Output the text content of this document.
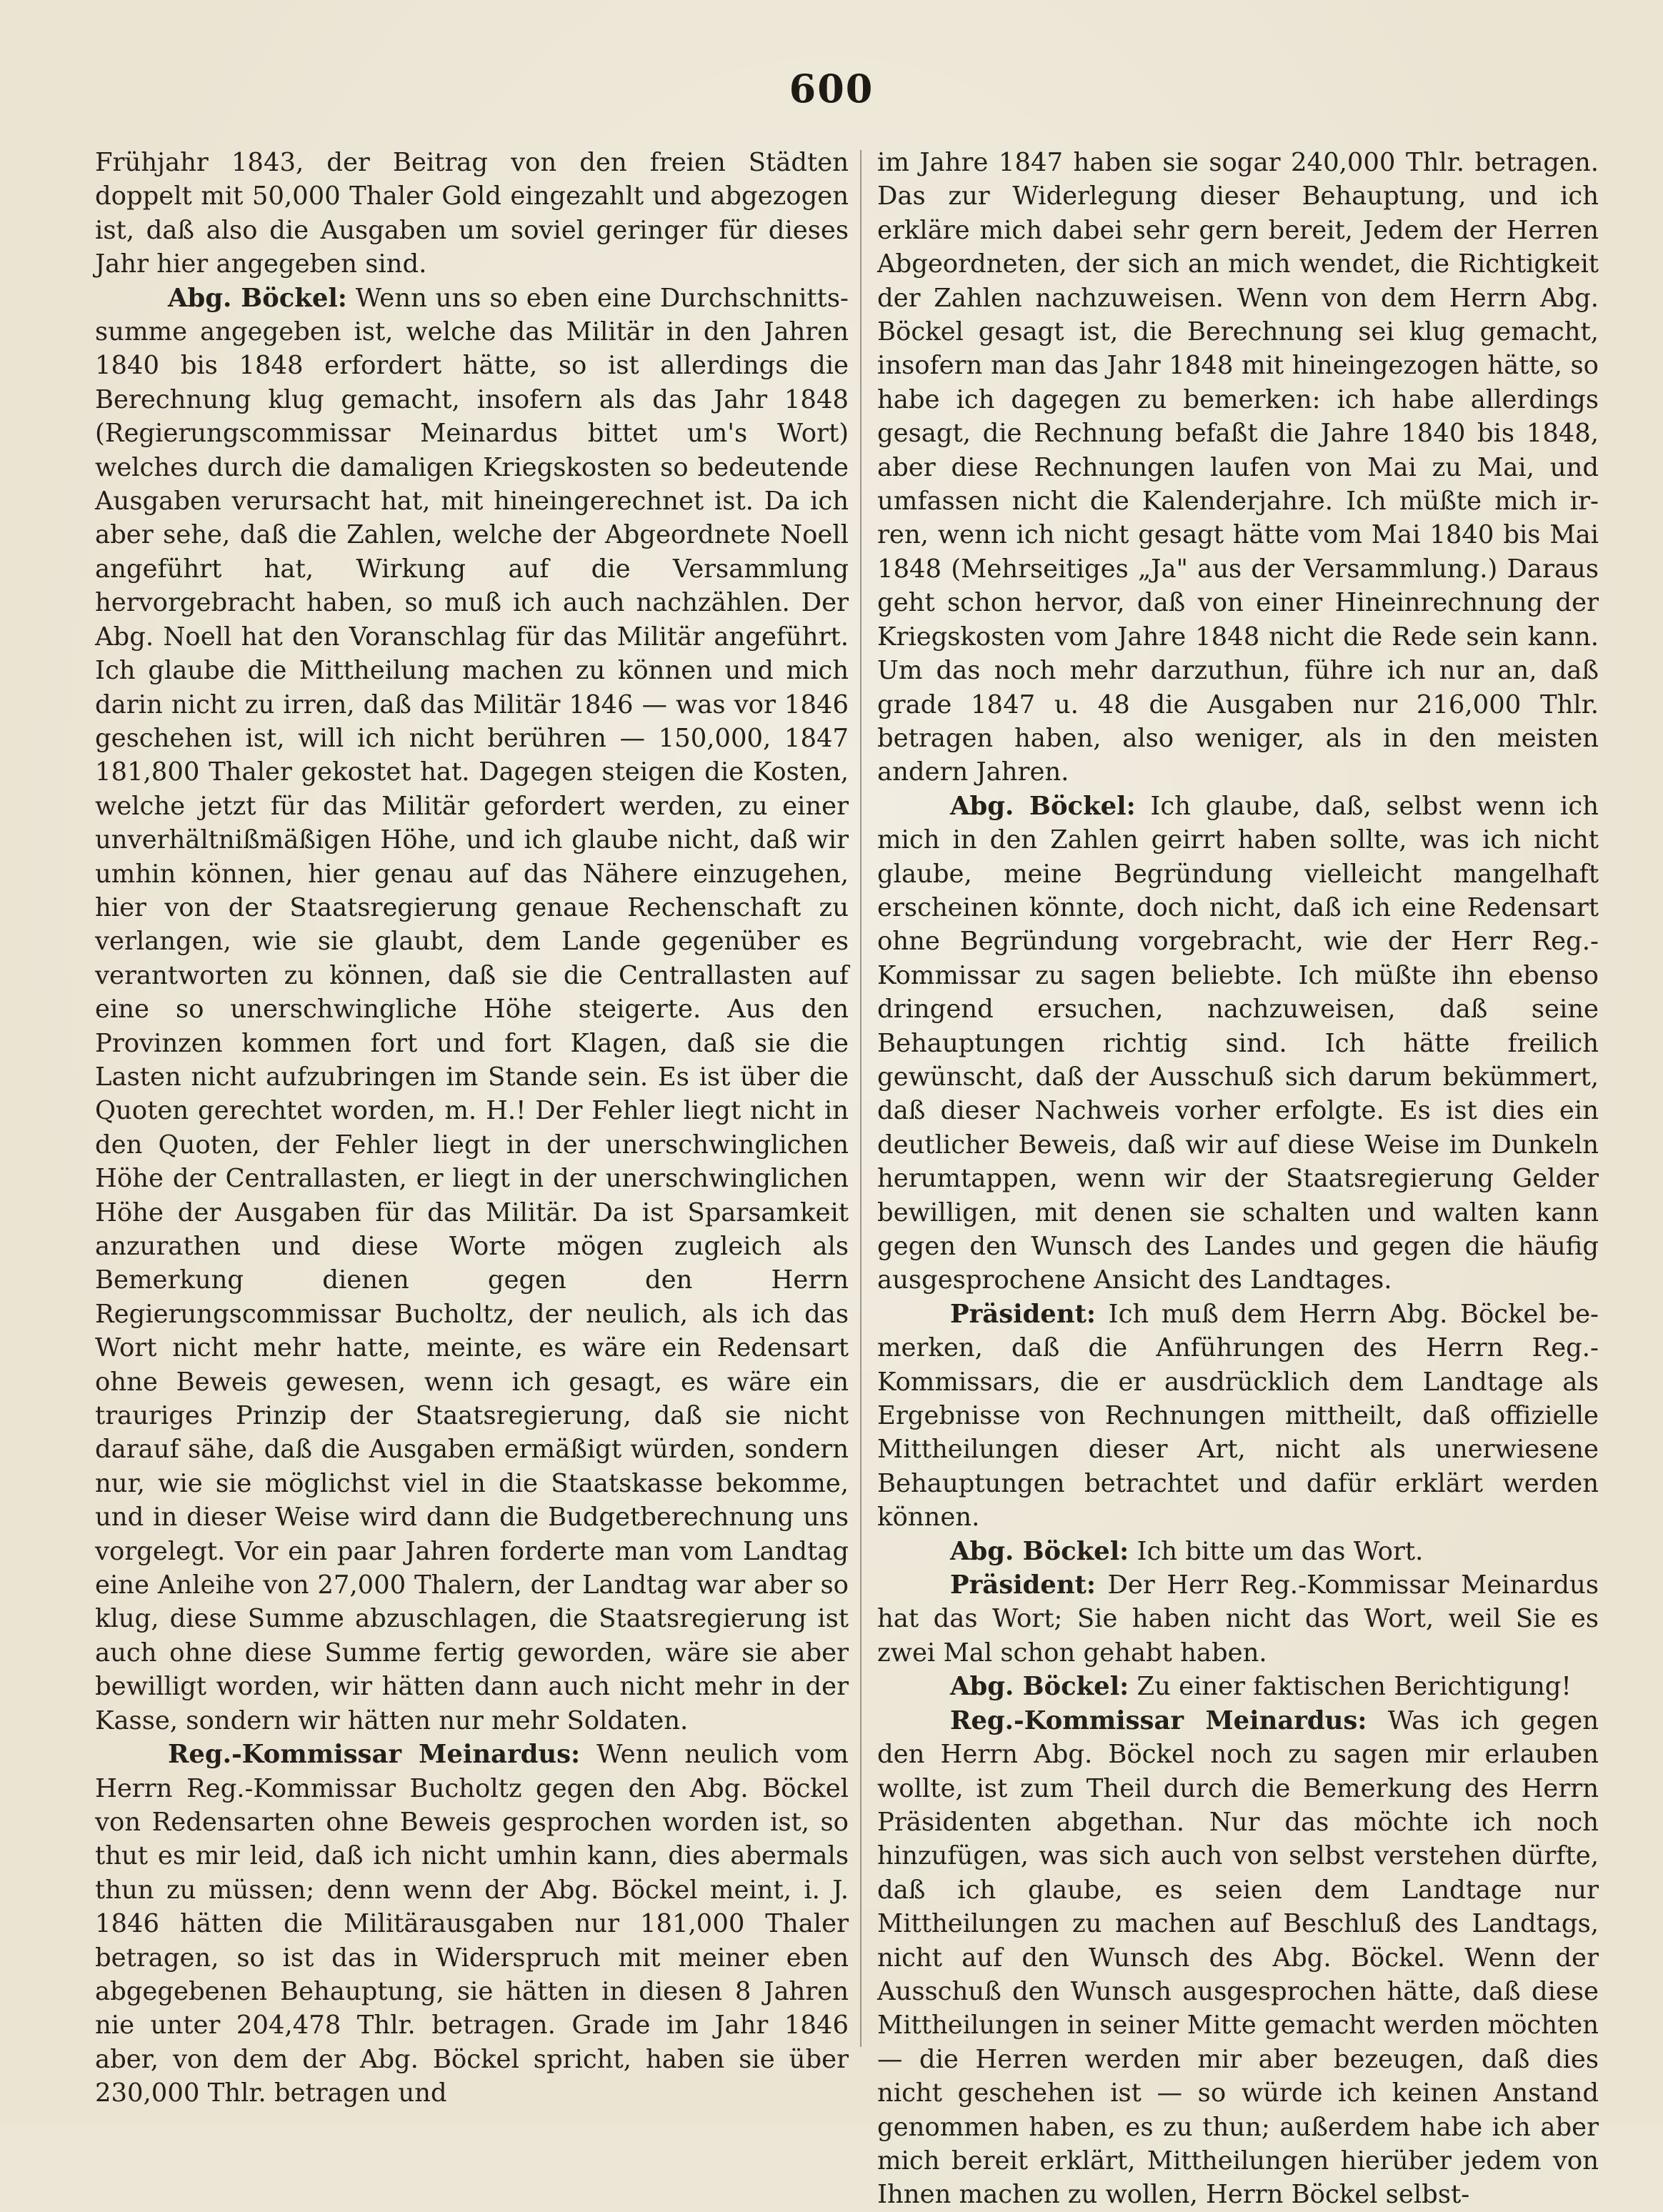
600

Frühjahr 1843, der Beitrag von den freien Städten doppelt mit 50,000 Thaler Gold eingezahlt und abgezogen ist, daß also die Ausgaben um soviel geringer für dieses Jahr hier angegeben sind.

Abg. Böckel: Wenn uns so eben eine Durchschnittssumme angegeben ist, welche das Militär in den Jahren 1840 bis 1848 erfordert hätte, so ist allerdings die Berechnung klug gemacht, insofern als das Jahr 1848 (Regierungscommissar Meinardus bittet um's Wort) welches durch die damaligen Kriegskosten so bedeutende Ausgaben verursacht hat, mit hineingerechnet ist. Da ich aber sehe, daß die Zahlen, welche der Abgeordnete Noell angeführt hat, Wirkung auf die Versammlung hervorgebracht haben, so muß ich auch nachzählen. Der Abg. Noell hat den Voranschlag für das Militär angeführt. Ich glaube die Mittheilung machen zu können und mich darin nicht zu irren, daß das Militär 1846 — was vor 1846 geschehen ist, will ich nicht berühren — 150,000, 1847 181,800 Thaler gekostet hat. Dagegen steigen die Kosten, welche jetzt für das Militär gefordert werden, zu einer unverhältnißmäßigen Höhe, und ich glaube nicht, daß wir umhin können, hier genau auf das Nähere einzugehen, hier von der Staatsregierung genaue Rechenschaft zu verlangen, wie sie glaubt, dem Lande gegenüber es verantworten zu können, daß sie die Centrallasten auf eine so unerschwingliche Höhe steigerte. Aus den Provinzen kommen fort und fort Klagen, daß sie die Lasten nicht aufzubringen im Stande sein. Es ist über die Quoten gerechtet worden, m. H.! Der Fehler liegt nicht in den Quoten, der Fehler liegt in der unerschwinglichen Höhe der Centrallasten, er liegt in der unerschwinglichen Höhe der Ausgaben für das Militär. Da ist Sparsamkeit anzurathen und diese Worte mögen zugleich als Bemerkung dienen gegen den Herrn Regierungscommissar Bucholtz, der neulich, als ich das Wort nicht mehr hatte, meinte, es wäre ein Redensart ohne Beweis gewesen, wenn ich gesagt, es wäre ein trauriges Prinzip der Staatsregierung, daß sie nicht darauf sähe, daß die Ausgaben ermäßigt würden, sondern nur, wie sie möglichst viel in die Staatskasse bekomme, und in dieser Weise wird dann die Budgetberechnung uns vorgelegt. Vor ein paar Jahren forderte man vom Landtag eine Anleihe von 27,000 Thalern, der Landtag war aber so klug, diese Summe abzuschlagen, die Staatsregierung ist auch ohne diese Summe fertig geworden, wäre sie aber bewilligt worden, wir hätten dann auch nicht mehr in der Kasse, sondern wir hätten nur mehr Soldaten.

Reg.-Kommissar Meinardus: Wenn neulich vom Herrn Reg.-Kommissar Bucholtz gegen den Abg. Böckel von Redensarten ohne Beweis gesprochen worden ist, so thut es mir leid, daß ich nicht umhin kann, dies abermals thun zu müssen; denn wenn der Abg. Böckel meint, i. J. 1846 hätten die Militärausgaben nur 181,000 Thaler betragen, so ist das in Widerspruch mit meiner eben abgegebenen Behauptung, sie hätten in diesen 8 Jahren nie unter 204,478 Thlr. betragen. Grade im Jahr 1846 aber, von dem der Abg. Böckel spricht, haben sie über 230,000 Thlr. betragen und

im Jahre 1847 haben sie sogar 240,000 Thlr. betragen. Das zur Widerlegung dieser Behauptung, und ich erkläre mich dabei sehr gern bereit, Jedem der Herren Abgeordneten, der sich an mich wendet, die Richtigkeit der Zahlen nachzuweisen. Wenn von dem Herrn Abg. Böckel gesagt ist, die Berechnung sei klug gemacht, insofern man das Jahr 1848 mit hineingezogen hätte, so habe ich dagegen zu bemerken: ich habe allerdings gesagt, die Rechnung befaßt die Jahre 1840 bis 1848, aber diese Rechnungen laufen von Mai zu Mai, und umfassen nicht die Kalenderjahre. Ich müßte mich irren, wenn ich nicht gesagt hätte vom Mai 1840 bis Mai 1848 (Mehrseitiges „Ja" aus der Versammlung.) Daraus geht schon hervor, daß von einer Hineinrechnung der Kriegskosten vom Jahre 1848 nicht die Rede sein kann. Um das noch mehr darzuthun, führe ich nur an, daß grade 1847 u. 48 die Ausgaben nur 216,000 Thlr. betragen haben, also weniger, als in den meisten andern Jahren.

Abg. Böckel: Ich glaube, daß, selbst wenn ich mich in den Zahlen geirrt haben sollte, was ich nicht glaube, meine Begründung vielleicht mangelhaft erscheinen könnte, doch nicht, daß ich eine Redensart ohne Begründung vorgebracht, wie der Herr Reg.-Kommissar zu sagen beliebte. Ich müßte ihn ebenso dringend ersuchen, nachzuweisen, daß seine Behauptungen richtig sind. Ich hätte freilich gewünscht, daß der Ausschuß sich darum bekümmert, daß dieser Nachweis vorher erfolgte. Es ist dies ein deutlicher Beweis, daß wir auf diese Weise im Dunkeln herumtappen, wenn wir der Staatsregierung Gelder bewilligen, mit denen sie schalten und walten kann gegen den Wunsch des Landes und gegen die häufig ausgesprochene Ansicht des Landtages.

Präsident: Ich muß dem Herrn Abg. Böckel bemerken, daß die Anführungen des Herrn Reg.-Kommissars, die er ausdrücklich dem Landtage als Ergebnisse von Rechnungen mittheilt, daß offizielle Mittheilungen dieser Art, nicht als unerwiesene Behauptungen betrachtet und dafür erklärt werden können.

Abg. Böckel: Ich bitte um das Wort.

Präsident: Der Herr Reg.-Kommissar Meinardus hat das Wort; Sie haben nicht das Wort, weil Sie es zwei Mal schon gehabt haben.

Abg. Böckel: Zu einer faktischen Berichtigung!

Reg.-Kommissar Meinardus: Was ich gegen den Herrn Abg. Böckel noch zu sagen mir erlauben wollte, ist zum Theil durch die Bemerkung des Herrn Präsidenten abgethan. Nur das möchte ich noch hinzufügen, was sich auch von selbst verstehen dürfte, daß ich glaube, es seien dem Landtage nur Mittheilungen zu machen auf Beschluß des Landtags, nicht auf den Wunsch des Abg. Böckel. Wenn der Ausschuß den Wunsch ausgesprochen hätte, daß diese Mittheilungen in seiner Mitte gemacht werden möchten — die Herren werden mir aber bezeugen, daß dies nicht geschehen ist — so würde ich keinen Anstand genommen haben, es zu thun; außerdem habe ich aber mich bereit erklärt, Mittheilungen hierüber jedem von Ihnen machen zu wollen, Herrn Böckel selbst-
